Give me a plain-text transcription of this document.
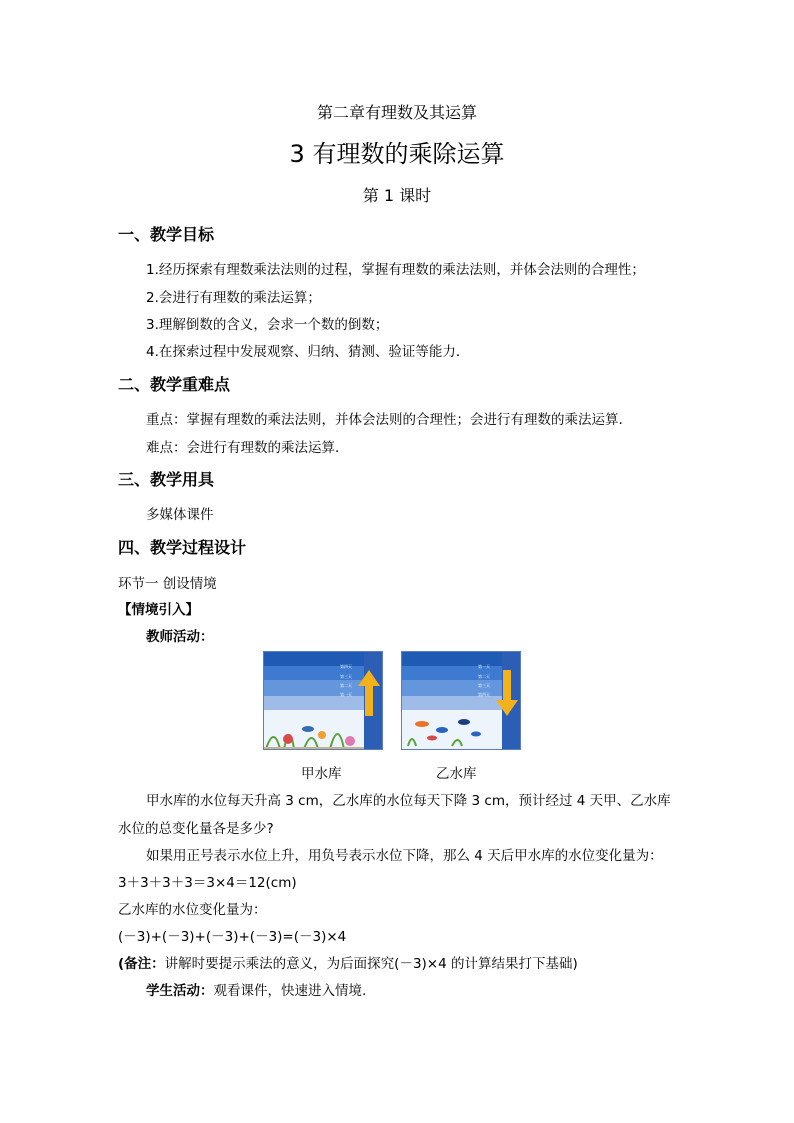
第二章有理数及其运算
3 有理数的乘除运算
第 1 课时
一、教学目标
1.经历探索有理数乘法法则的过程，掌握有理数的乘法法则，并体会法则的合理性；
2.会进行有理数的乘法运算；
3.理解倒数的含义，会求一个数的倒数；
4.在探索过程中发展观察、归纳、猜测、验证等能力．
二、教学重难点
重点：掌握有理数的乘法法则，并体会法则的合理性；会进行有理数的乘法运算.
难点：会进行有理数的乘法运算．
三、教学用具
多媒体课件
四、教学过程设计
环节一 创设情境
【情境引入】
教师活动：
第四天
第三天
第二天
第一天
第一天
第二天
第三天
第四天
甲水库	乙水库
甲水库的水位每天升高 3 cm，乙水库的水位每天下降 3 cm，预计经过 4 天甲、乙水库
水位的总变化量各是多少?
如果用正号表示水位上升，用负号表示水位下降，那么 4 天后甲水库的水位变化量为：
3＋3＋3＋3＝3×4＝12(cm)
乙水库的水位变化量为：
(－3)+(－3)+(－3)+(－3)=(－3)×4
(备注：讲解时要提示乘法的意义，为后面探究(－3)×4 的计算结果打下基础)
学生活动：观看课件，快速进入情境.
